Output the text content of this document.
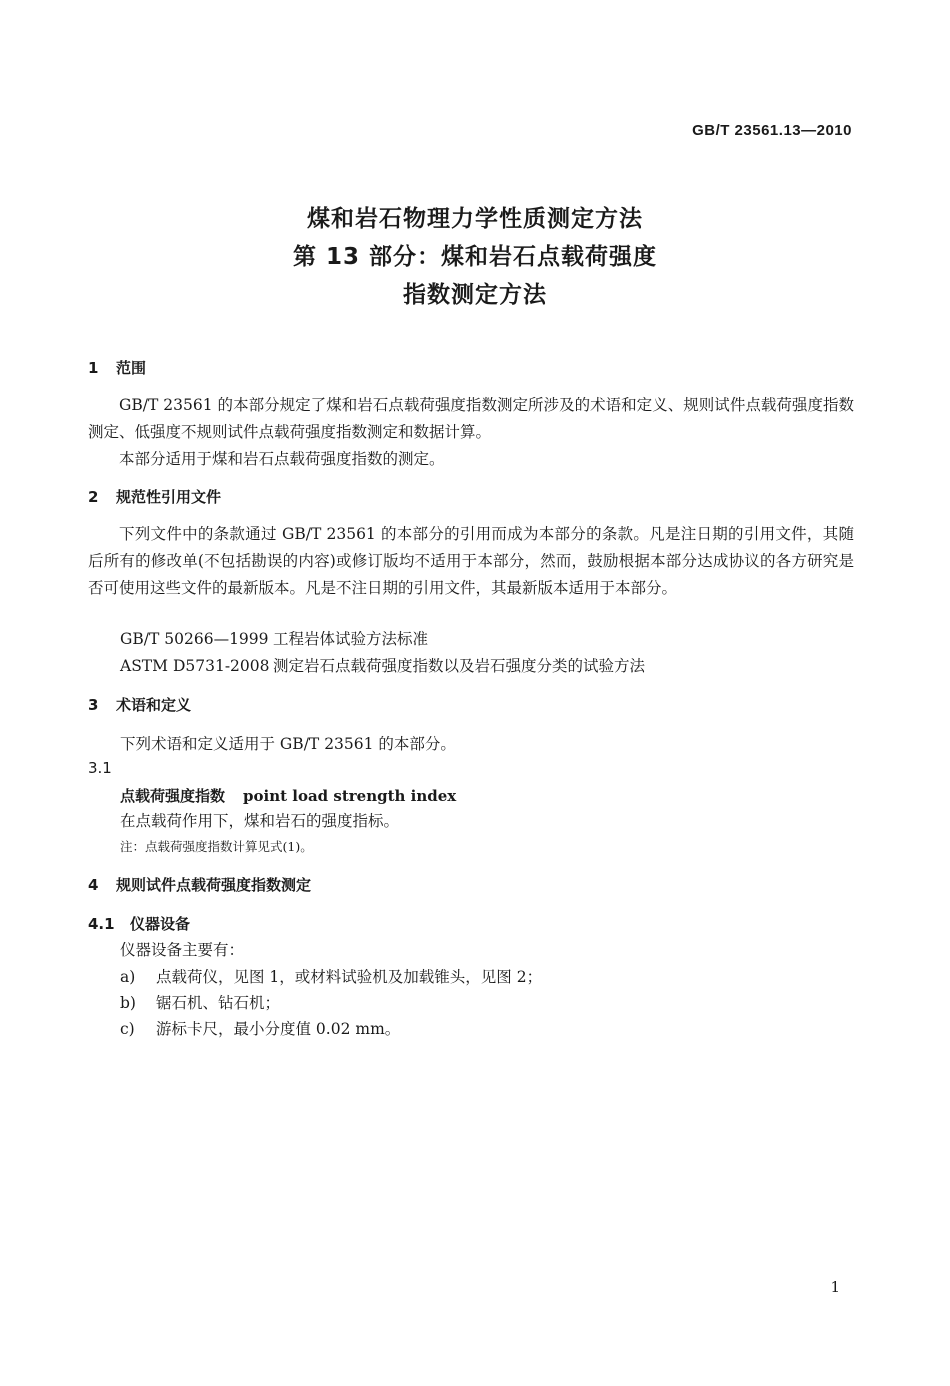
GB/T 23561.13—2010
煤和岩石物理力学性质测定方法
第 13 部分：煤和岩石点载荷强度
指数测定方法
1 范围
GB/T 23561 的本部分规定了煤和岩石点载荷强度指数测定所涉及的术语和定义、规则试件点载荷强度指数测定、低强度不规则试件点载荷强度指数测定和数据计算。
本部分适用于煤和岩石点载荷强度指数的测定。
2 规范性引用文件
下列文件中的条款通过 GB/T 23561 的本部分的引用而成为本部分的条款。凡是注日期的引用文件，其随后所有的修改单(不包括勘误的内容)或修订版均不适用于本部分，然而，鼓励根据本部分达成协议的各方研究是否可使用这些文件的最新版本。凡是不注日期的引用文件，其最新版本适用于本部分。
GB/T 50266—1999 工程岩体试验方法标准
ASTM D5731-2008 测定岩石点载荷强度指数以及岩石强度分类的试验方法
3 术语和定义
下列术语和定义适用于 GB/T 23561 的本部分。
3.1
点载荷强度指数 point load strength index
在点载荷作用下，煤和岩石的强度指标。
注：点载荷强度指数计算见式(1)。
4 规则试件点载荷强度指数测定
4.1 仪器设备
仪器设备主要有：
a) 点载荷仪，见图 1，或材料试验机及加载锥头，见图 2；
b) 锯石机、钻石机；
c) 游标卡尺，最小分度值 0.02 mm。
1
